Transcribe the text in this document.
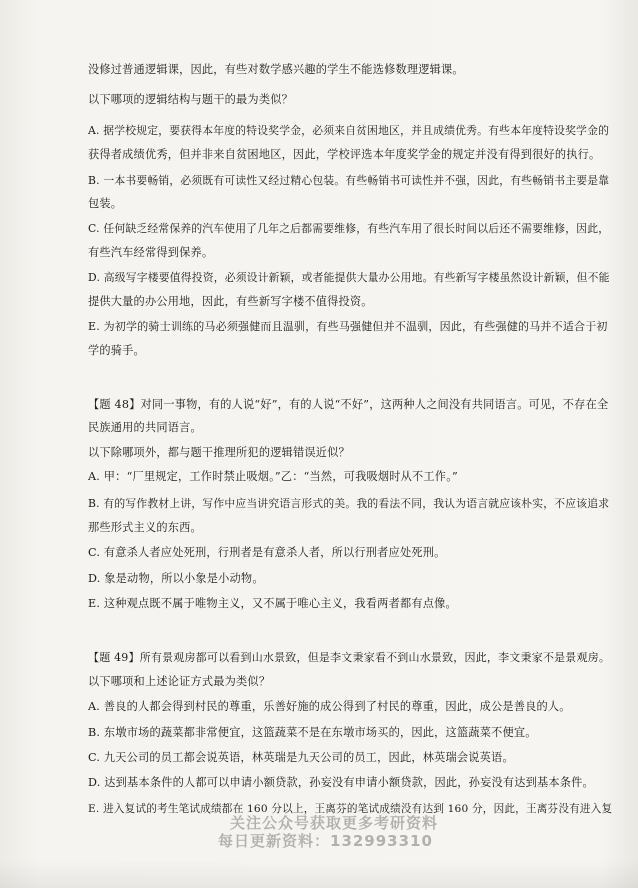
没修过普通逻辑课，因此，有些对数学感兴趣的学生不能选修数理逻辑课。
以下哪项的逻辑结构与题干的最为类似？
A. 据学校规定，要获得本年度的特设奖学金，必须来自贫困地区，并且成绩优秀。有些本年度特设奖学金的
获得者成绩优秀，但并非来自贫困地区，因此，学校评选本年度奖学金的规定并没有得到很好的执行。
B. 一本书要畅销，必须既有可读性又经过精心包装。有些畅销书可读性并不强，因此，有些畅销书主要是靠
包装。
C. 任何缺乏经常保养的汽车使用了几年之后都需要维修，有些汽车用了很长时间以后还不需要维修，因此，
有些汽车经常得到保养。
D. 高级写字楼要值得投资，必须设计新颖，或者能提供大量办公用地。有些新写字楼虽然设计新颖，但不能
提供大量的办公用地，因此，有些新写字楼不值得投资。
E. 为初学的骑士训练的马必须强健而且温驯，有些马强健但并不温驯，因此，有些强健的马并不适合于初
学的骑手。
【题 48】对同一事物，有的人说“好”，有的人说“不好”，这两种人之间没有共同语言。可见，不存在全
民族通用的共同语言。
以下除哪项外，都与题干推理所犯的逻辑错误近似？
A. 甲：“厂里规定，工作时禁止吸烟。”乙：“当然，可我吸烟时从不工作。”
B. 有的写作教材上讲，写作中应当讲究语言形式的美。我的看法不同，我认为语言就应该朴实，不应该追求
那些形式主义的东西。
C. 有意杀人者应处死刑，行刑者是有意杀人者，所以行刑者应处死刑。
D. 象是动物，所以小象是小动物。
E. 这种观点既不属于唯物主义，又不属于唯心主义，我看两者都有点像。
【题 49】所有景观房都可以看到山水景致，但是李文秉家看不到山水景致，因此，李文秉家不是景观房。
以下哪项和上述论证方式最为类似？
A. 善良的人都会得到村民的尊重，乐善好施的成公得到了村民的尊重，因此，成公是善良的人。
B. 东墩市场的蔬菜都非常便宜，这篮蔬菜不是在东墩市场买的，因此，这篮蔬菜不便宜。
C. 九天公司的员工都会说英语，林英瑞是九天公司的员工，因此，林英瑞会说英语。
D. 达到基本条件的人都可以申请小额贷款，孙妄没有申请小额贷款，因此，孙妄没有达到基本条件。
E. 进入复试的考生笔试成绩都在 160 分以上，王离芬的笔试成绩没有达到 160 分，因此，王离芬没有进入复
关注公众号获取更多考研资料
每日更新资料：132993310
